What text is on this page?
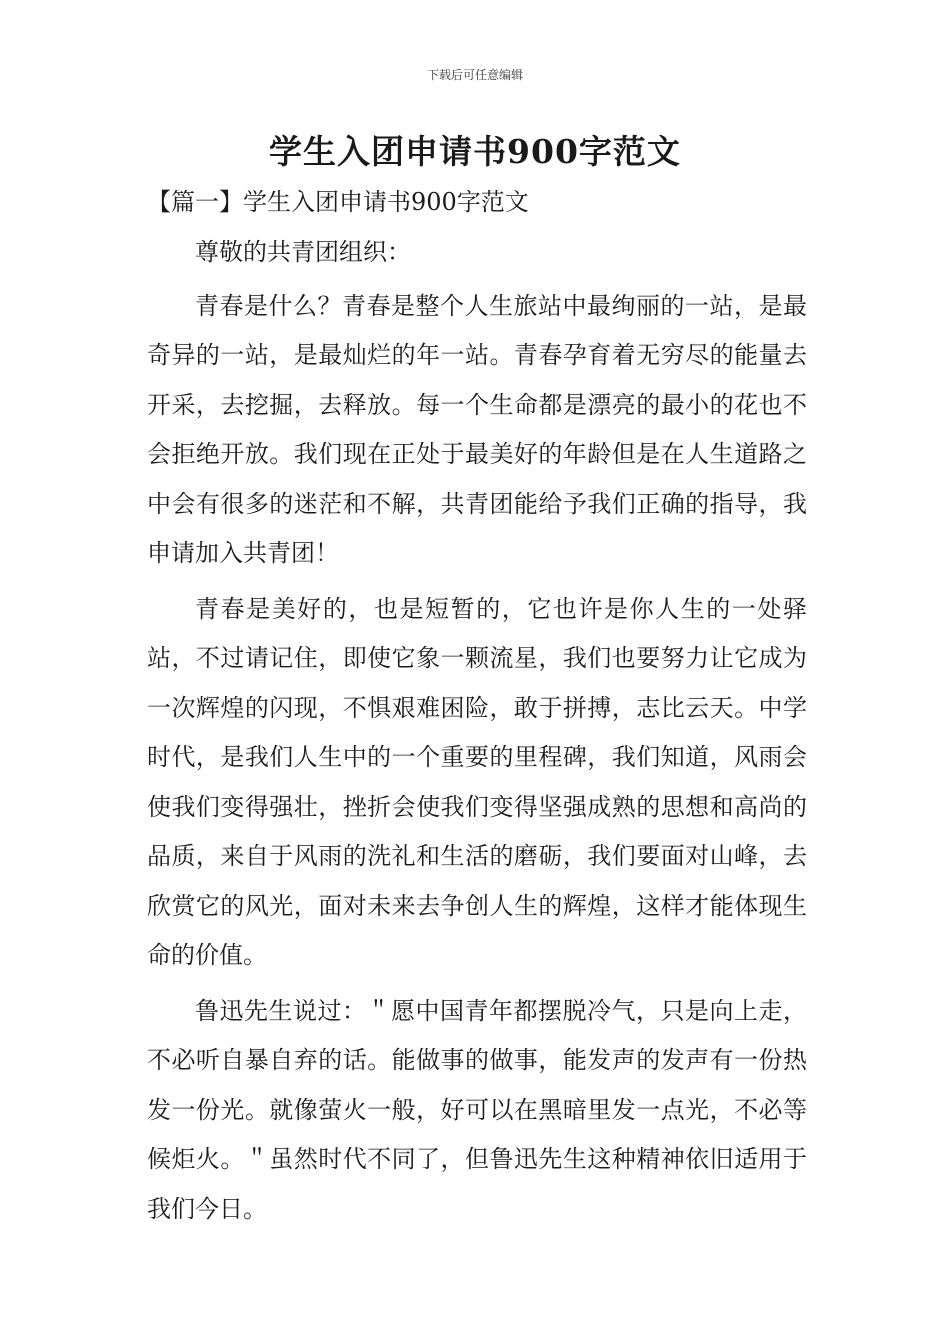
下载后可任意编辑
学生入团申请书900字范文
【篇一】学生入团申请书900字范文

尊敬的共青团组织：

青春是什么？青春是整个人生旅站中最绚丽的一站，是最奇异的一站，是最灿烂的年一站。青春孕育着无穷尽的能量去开采，去挖掘，去释放。每一个生命都是漂亮的最小的花也不会拒绝开放。我们现在正处于最美好的年龄但是在人生道路之中会有很多的迷茫和不解，共青团能给予我们正确的指导，我申请加入共青团！

青春是美好的，也是短暂的，它也许是你人生的一处驿站，不过请记住，即使它象一颗流星，我们也要努力让它成为一次辉煌的闪现，不惧艰难困险，敢于拼搏，志比云天。中学时代，是我们人生中的一个重要的里程碑，我们知道，风雨会使我们变得强壮，挫折会使我们变得坚强成熟的思想和高尚的品质，来自于风雨的洗礼和生活的磨砺，我们要面对山峰，去欣赏它的风光，面对未来去争创人生的辉煌，这样才能体现生命的价值。

鲁迅先生说过：＂愿中国青年都摆脱冷气，只是向上走，不必听自暴自弃的话。能做事的做事，能发声的发声有一份热发一份光。就像萤火一般，好可以在黑暗里发一点光，不必等候炬火。＂虽然时代不同了，但鲁迅先生这种精神依旧适用于我们今日。
